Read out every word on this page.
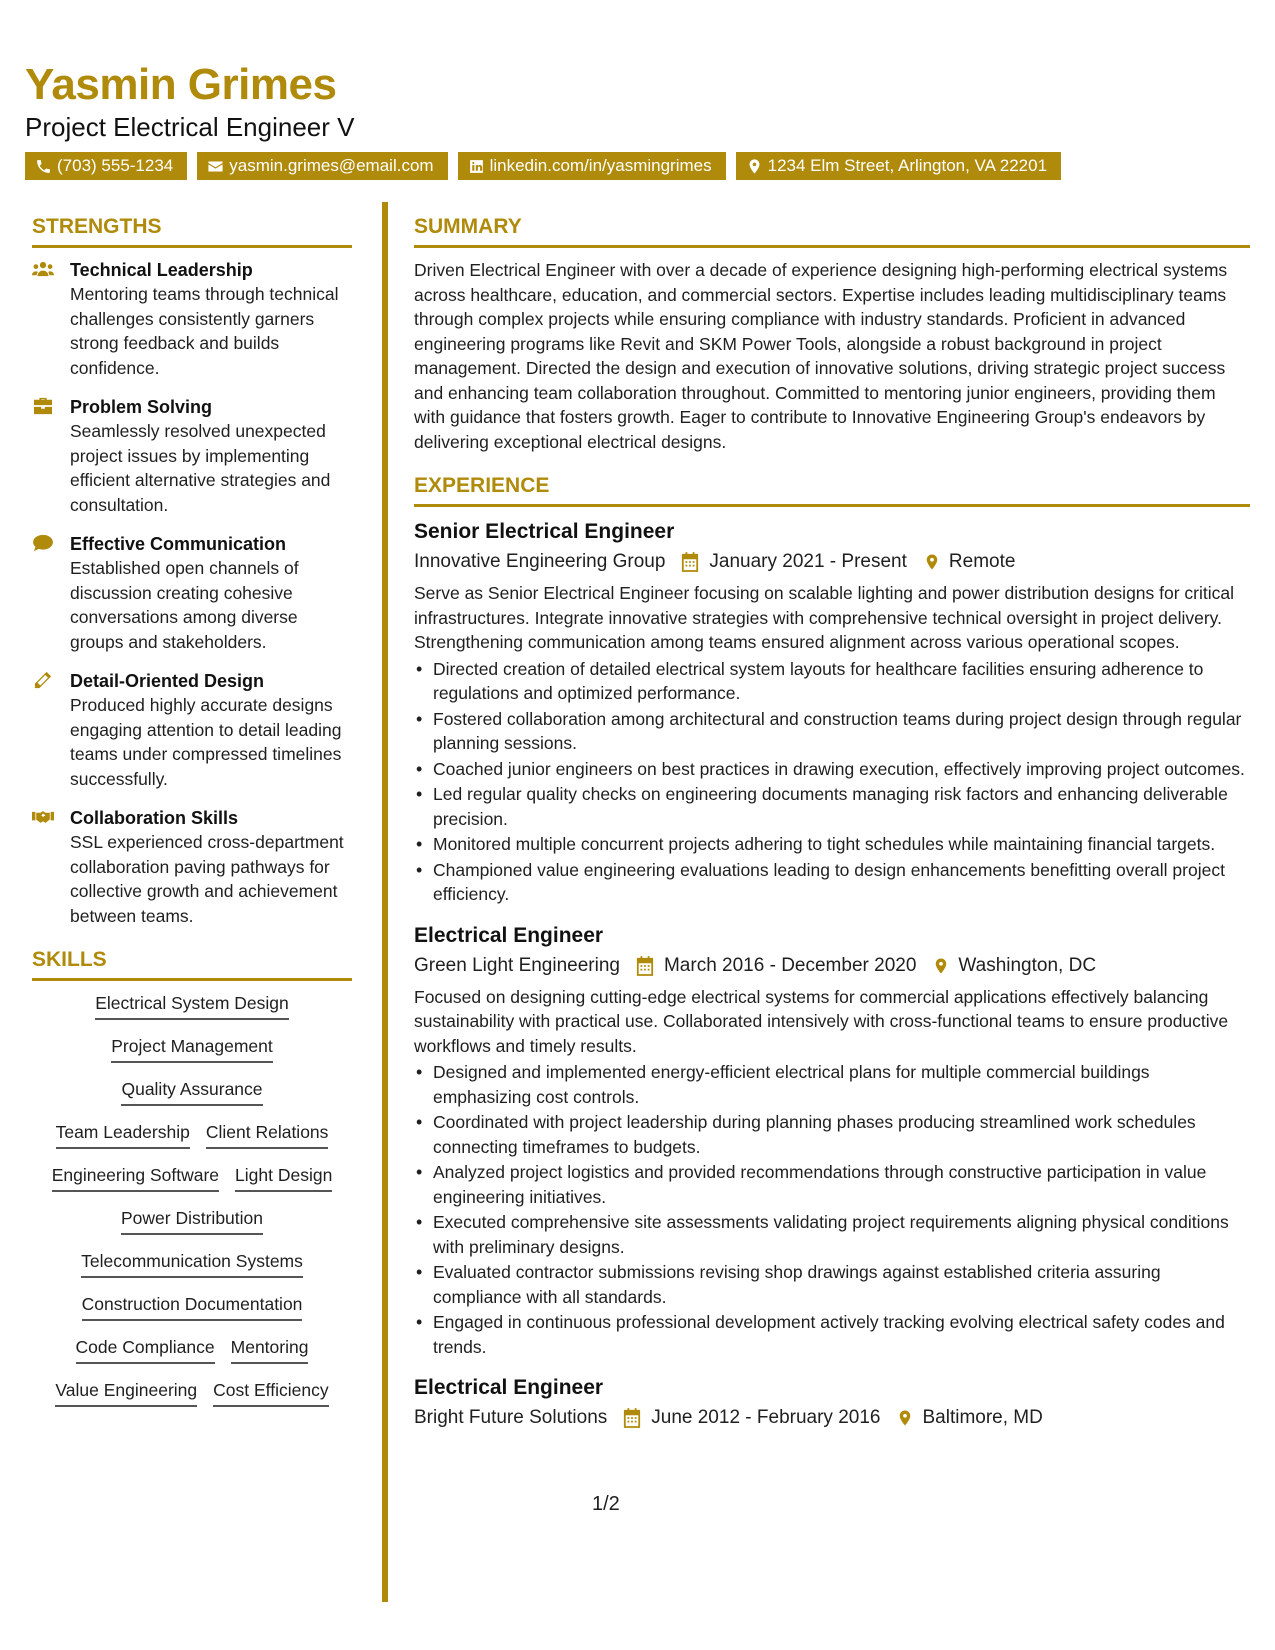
Yasmin Grimes
Project Electrical Engineer V
(703) 555-1234	yasmin.grimes@email.com	linkedin.com/in/yasmingrimes	1234 Elm Street, Arlington, VA 22201
STRENGTHS
Technical Leadership
Mentoring teams through technical challenges consistently garners strong feedback and builds confidence.
Problem Solving
Seamlessly resolved unexpected project issues by implementing efficient alternative strategies and consultation.
Effective Communication
Established open channels of discussion creating cohesive conversations among diverse groups and stakeholders.
Detail-Oriented Design
Produced highly accurate designs engaging attention to detail leading teams under compressed timelines successfully.
Collaboration Skills
SSL experienced cross-department collaboration paving pathways for collective growth and achievement between teams.
SKILLS
Electrical System Design
Project Management
Quality Assurance
Team Leadership Client Relations
Engineering Software Light Design
Power Distribution
Telecommunication Systems
Construction Documentation
Code Compliance Mentoring
Value Engineering Cost Efficiency
SUMMARY
Driven Electrical Engineer with over a decade of experience designing high-performing electrical systems across healthcare, education, and commercial sectors. Expertise includes leading multidisciplinary teams through complex projects while ensuring compliance with industry standards. Proficient in advanced engineering programs like Revit and SKM Power Tools, alongside a robust background in project management. Directed the design and execution of innovative solutions, driving strategic project success and enhancing team collaboration throughout. Committed to mentoring junior engineers, providing them with guidance that fosters growth. Eager to contribute to Innovative Engineering Group's endeavors by delivering exceptional electrical designs.
EXPERIENCE
Senior Electrical Engineer
Innovative Engineering Group January 2021 - Present Remote
Serve as Senior Electrical Engineer focusing on scalable lighting and power distribution designs for critical infrastructures. Integrate innovative strategies with comprehensive technical oversight in project delivery. Strengthening communication among teams ensured alignment across various operational scopes.
• Directed creation of detailed electrical system layouts for healthcare facilities ensuring adherence to regulations and optimized performance.
• Fostered collaboration among architectural and construction teams during project design through regular planning sessions.
• Coached junior engineers on best practices in drawing execution, effectively improving project outcomes.
• Led regular quality checks on engineering documents managing risk factors and enhancing deliverable precision.
• Monitored multiple concurrent projects adhering to tight schedules while maintaining financial targets.
• Championed value engineering evaluations leading to design enhancements benefitting overall project efficiency.
Electrical Engineer
Green Light Engineering March 2016 - December 2020 Washington, DC
Focused on designing cutting-edge electrical systems for commercial applications effectively balancing sustainability with practical use. Collaborated intensively with cross-functional teams to ensure productive workflows and timely results.
• Designed and implemented energy-efficient electrical plans for multiple commercial buildings emphasizing cost controls.
• Coordinated with project leadership during planning phases producing streamlined work schedules connecting timeframes to budgets.
• Analyzed project logistics and provided recommendations through constructive participation in value engineering initiatives.
• Executed comprehensive site assessments validating project requirements aligning physical conditions with preliminary designs.
• Evaluated contractor submissions revising shop drawings against established criteria assuring compliance with all standards.
• Engaged in continuous professional development actively tracking evolving electrical safety codes and trends.
Electrical Engineer
Bright Future Solutions June 2012 - February 2016 Baltimore, MD
1/2
